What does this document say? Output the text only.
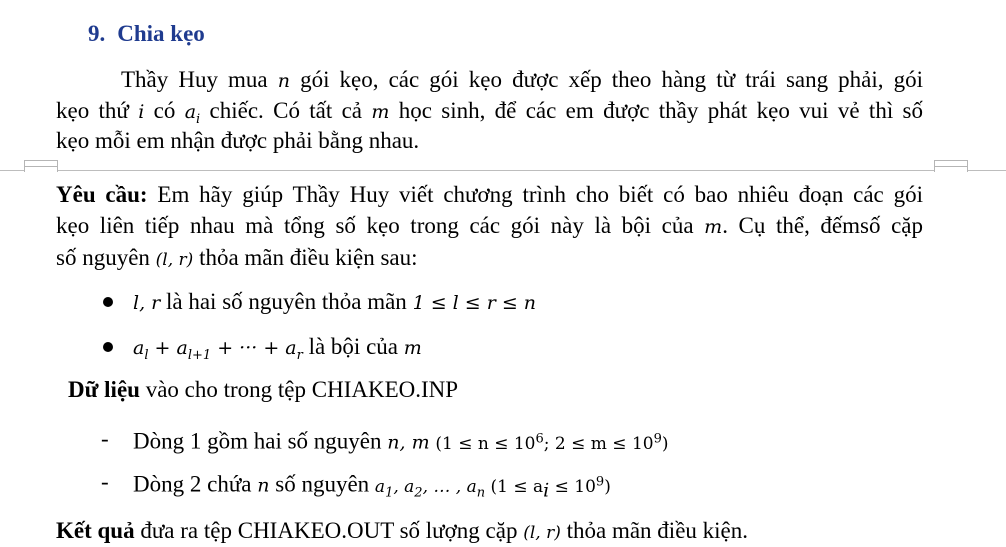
9. Chia kẹo
Thầy Huy mua n gói kẹo, các gói kẹo được xếp theo hàng từ trái sang phải, gói
kẹo thứ i có $a_i$ chiếc. Có tất cả m học sinh, để các em được thầy phát kẹo vui vẻ thì số
kẹo mỗi em nhận được phải bằng nhau.
Yêu cầu: Em hãy giúp Thầy Huy viết chương trình cho biết có bao nhiêu đoạn các gói
kẹo liên tiếp nhau mà tổng số kẹo trong các gói này là bội của m. Cụ thể, đếmsố cặp
số nguyên (l, r) thỏa mãn điều kiện sau:
l, r là hai số nguyên thỏa mãn 1 ≤ l ≤ r ≤ n
$a_l + a_{l+1}$ + ··· + $a_r$ là bội của m
Dữ liệu vào cho trong tệp CHIAKEO.INP
- Dòng 1 gồm hai số nguyên n, m ($1 \le n \le 10^6$; $2 \le m \le 10^9$)
- Dòng 2 chứa n số nguyên $a_1$, $a_2$, … , $a_n$ $(1 \le a_i \le 10^9)$
Kết quả đưa ra tệp CHIAKEO.OUT số lượng cặp (l, r) thỏa mãn điều kiện.
